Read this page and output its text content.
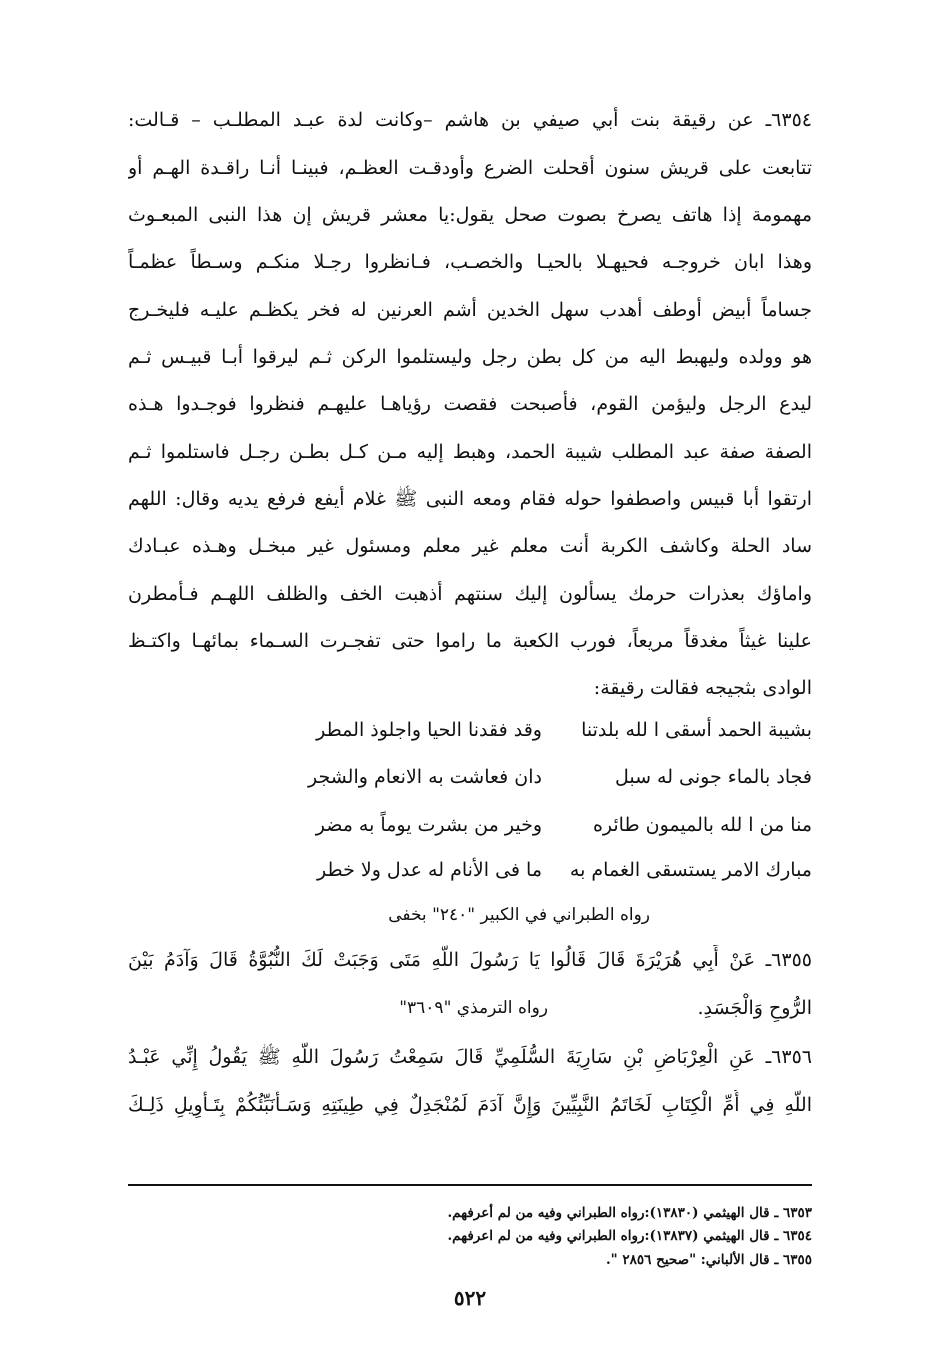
٦٣٥٤ـ عن رقيقة بنت أبي صيفي بن هاشم –وكانت لدة عبـد المطلـب – قـالت:
تتابعت على قريش سنون أقحلت الضرع وأودقـت العظـم، فبينـا أنـا راقـدة الهـم أو
مهمومة إذا هاتف يصرخ بصوت صحل يقول:يا معشر قريش إن هذا النبى المبعـوث
وهذا ابان خروجـه فحيهـلا بالحيـا والخصـب، فـانظروا رجـلا منكـم وسـطاً عظمـاً
جساماً أبيض أوطف أهدب سهل الخدين أشم العرنين له فخر يكظـم عليـه فليخـرج
هو وولده وليهبط اليه من كل بطن رجل وليستلموا الركن ثـم ليرقوا أبـا قبيـس ثـم
ليدع الرجل وليؤمن القوم، فأصبحت فقصت رؤياهـا عليهـم فنظروا فوجـدوا هـذه
الصفة صفة عبد المطلب شيبة الحمد، وهبط إليه مـن كـل بطـن رجـل فاستلموا ثـم
ارتقوا أبا قبيس واصطفوا حوله فقام ومعه النبى ﷺ غلام أيفع فرفع يديه وقال: اللهم
ساد الحلة وكاشف الكربة أنت معلم غير معلم ومسئول غير مبخـل وهـذه عبـادك
واماؤك بعذرات حرمك يسألون إليك سنتهم أذهبت الخف والظلف اللهـم فـأمطرن
علينا غيثاً مغدقاً مريعاً، فورب الكعبة ما راموا حتى تفجـرت السـماء بمائهـا واكتـظ
الوادى بثجيجه فقالت رقيقة:
بشيبة الحمد أسقى ا لله بلدتنا
وقد فقدنا الحيا واجلوذ المطر
فجاد بالماء جونى له سبل
دان فعاشت به الانعام والشجر
منا من ا لله بالميمون طائره
وخير من بشرت يوماً به مضر
مبارك الامر يستسقى الغمام به
ما فى الأنام له عدل ولا خطر
رواه الطبراني في الكبير "٢٤٠" بخفى
٦٣٥٥ـ عَنْ أَبِي هُرَيْرَةَ قَالَ قَالُوا يَا رَسُولَ اللَّهِ مَتَى وَجَبَتْ لَكَ النُّبُوَّةُ قَالَ وَآدَمُ بَيْنَ
الرُّوحِ وَالْجَسَدِ.
رواه الترمذي "٣٦٠٩"
٦٣٥٦ـ عَنِ الْعِرْبَاضِ بْنِ سَارِيَةَ السُّلَمِيِّ قَالَ سَمِعْتُ رَسُولَ اللَّهِ ﷺ يَقُولُ إِنِّي عَبْـدُ
اللَّهِ فِي أُمِّ الْكِتَابِ لَخَاتَمُ النَّبِيِّينَ وَإِنَّ آدَمَ لَمُنْجَدِلٌ فِي طِينَتِهِ وَسَـأُنَبِّئُكُمْ بِتَـأْوِيلِ ذَلِـكَ
٦٣٥٣ ـ قال الهيثمي (١٣٨٣٠):رواه الطبراني وفيه من لم أعرفهم.
٦٣٥٤ ـ قال الهيثمي (١٣٨٣٧):رواه الطبراني وفيه من لم اعرفهم.
٦٣٥٥ ـ قال الألباني: "صحيح ٢٨٥٦ ".
٥٢٢
